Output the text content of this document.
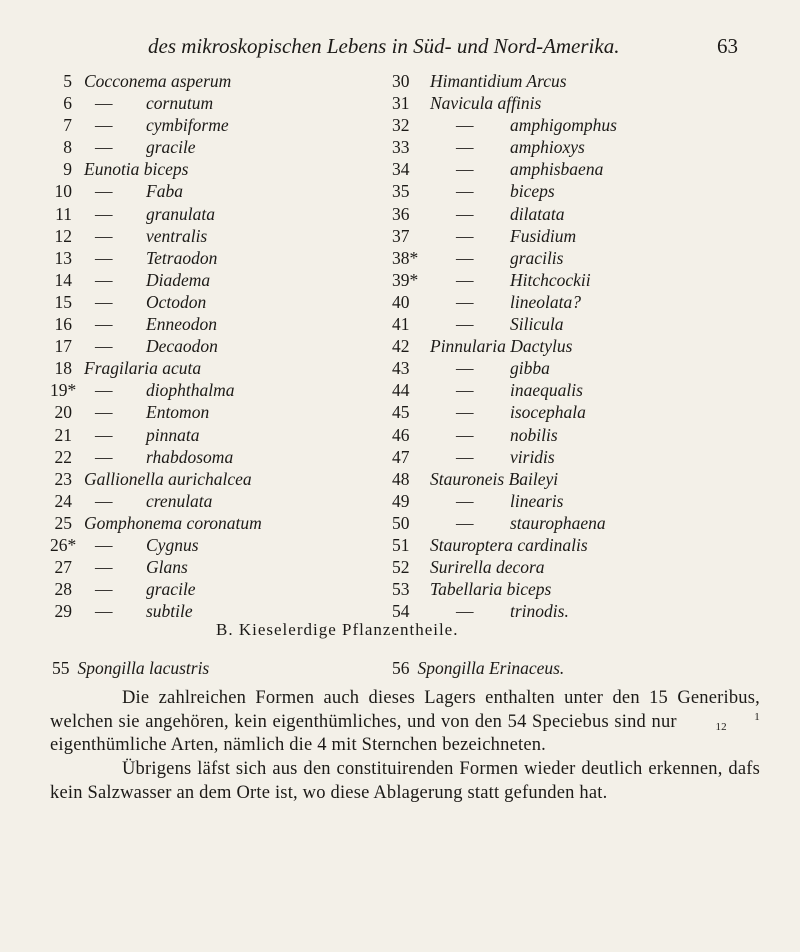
des mikroskopischen Lebens in Süd- und Nord-Amerika.	63
5 Cocconema asperum
6 — cornutum
7 — cymbiforme
8 — gracile
9 Eunotia biceps
10 — Faba
11 — granulata
12 — ventralis
13 — Tetraodon
14 — Diadema
15 — Octodon
16 — Enneodon
17 — Decaodon
18 Fragilaria acuta
19* — diophthalma
20 — Entomon
21 — pinnata
22 — rhabdosoma
23 Gallionella aurichalcea
24 — crenulata
25 Gomphonema coronatum
26* — Cygnus
27 — Glans
28 — gracile
29 — subtile
30	Himantidium Arcus
31	Navicula affinis
32	— amphigomphus
33	— amphioxys
34	— amphisbaena
35	— biceps
36	— dilatata
37	— Fusidium
38* — gracilis
39* — Hitchcockii
40	— lineolata?
41	— Silicula
42	Pinnularia Dactylus
43	— gibba
44	— inaequalis
45	— isocephala
46	— nobilis
47	— viridis
48	Stauroneis Baileyi
49	— linearis
50	— staurophaena
51	Stauroptera cardinalis
52	Surirella decora
53	Tabellaria biceps
54	— trinodis.
B. Kieselerdige Pflanzentheile.
55 Spongilla lacustris	56 Spongilla Erinaceus.
Die zahlreichen Formen auch dieses Lagers enthalten unter den 15 Generibus, welchen sie angehören, kein eigenthümliches, und von den 54 Speciebus sind nur	1
12 eigenthümliche Arten, nämlich die 4 mit Sternchen bezeichneten.
Übrigens läfst sich aus den constituirenden Formen wieder deutlich erkennen, dafs kein Salzwasser an dem Orte ist, wo diese Ablagerung statt gefunden hat.
